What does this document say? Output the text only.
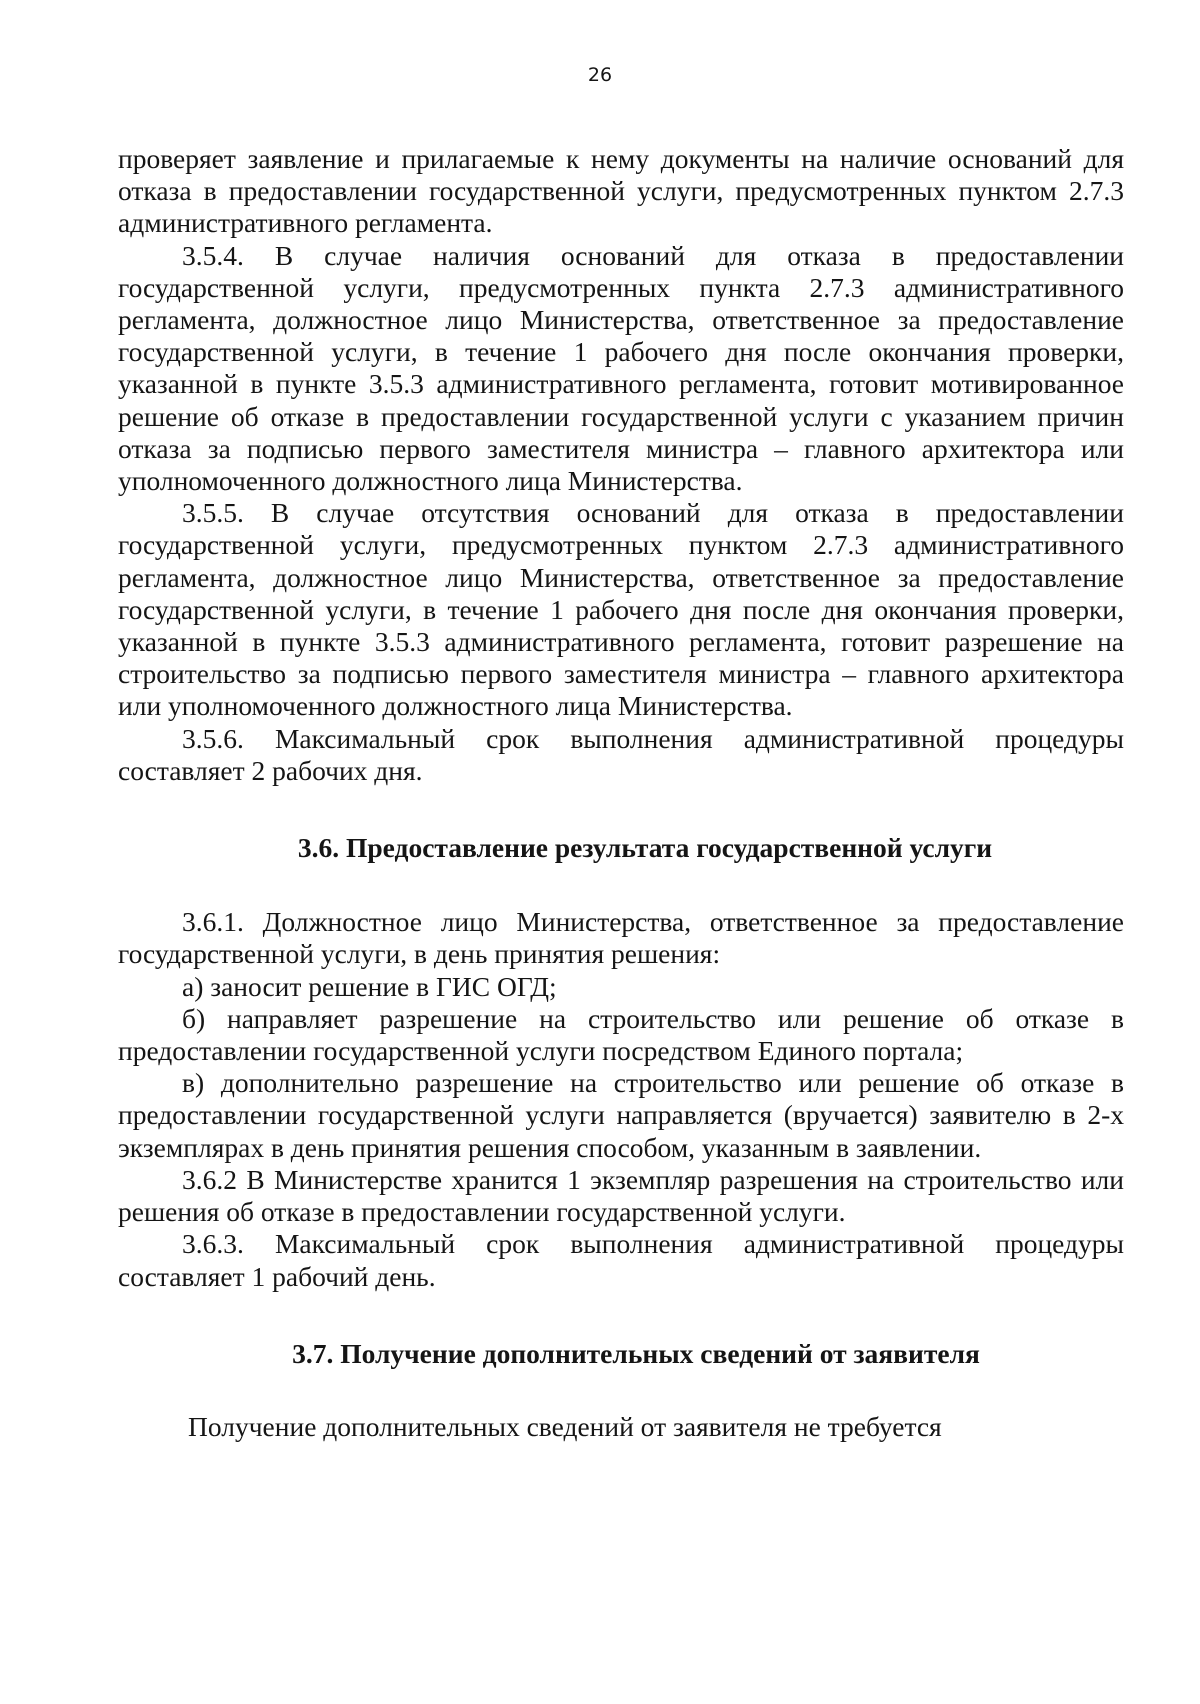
26

проверяет заявление и прилагаемые к нему документы на наличие оснований для отказа в предоставлении государственной услуги, предусмотренных пунктом 2.7.3 административного регламента.

3.5.4. В случае наличия оснований для отказа в предоставлении государственной услуги, предусмотренных пункта 2.7.3 административного регламента, должностное лицо Министерства, ответственное за предоставление государственной услуги, в течение 1 рабочего дня после окончания проверки, указанной в пункте 3.5.3 административного регламента, готовит мотивированное решение об отказе в предоставлении государственной услуги с указанием причин отказа за подписью первого заместителя министра – главного архитектора или уполномоченного должностного лица Министерства.

3.5.5. В случае отсутствия оснований для отказа в предоставлении государственной услуги, предусмотренных пунктом 2.7.3 административного регламента, должностное лицо Министерства, ответственное за предоставление государственной услуги, в течение 1 рабочего дня после дня окончания проверки, указанной в пункте 3.5.3 административного регламента, готовит разрешение на строительство за подписью первого заместителя министра – главного архитектора или уполномоченного должностного лица Министерства.

3.5.6. Максимальный срок выполнения административной процедуры составляет 2 рабочих дня.

3.6. Предоставление результата государственной услуги

3.6.1. Должностное лицо Министерства, ответственное за предоставление государственной услуги, в день принятия решения:

а) заносит решение в ГИС ОГД;

б) направляет разрешение на строительство или решение об отказе в предоставлении государственной услуги посредством Единого портала;

в) дополнительно разрешение на строительство или решение об отказе в предоставлении государственной услуги направляется (вручается) заявителю в 2-х экземплярах в день принятия решения способом, указанным в заявлении.

3.6.2 В Министерстве хранится 1 экземпляр разрешения на строительство или решения об отказе в предоставлении государственной услуги.

3.6.3. Максимальный срок выполнения административной процедуры составляет 1 рабочий день.

3.7. Получение дополнительных сведений от заявителя

Получение дополнительных сведений от заявителя не требуется
